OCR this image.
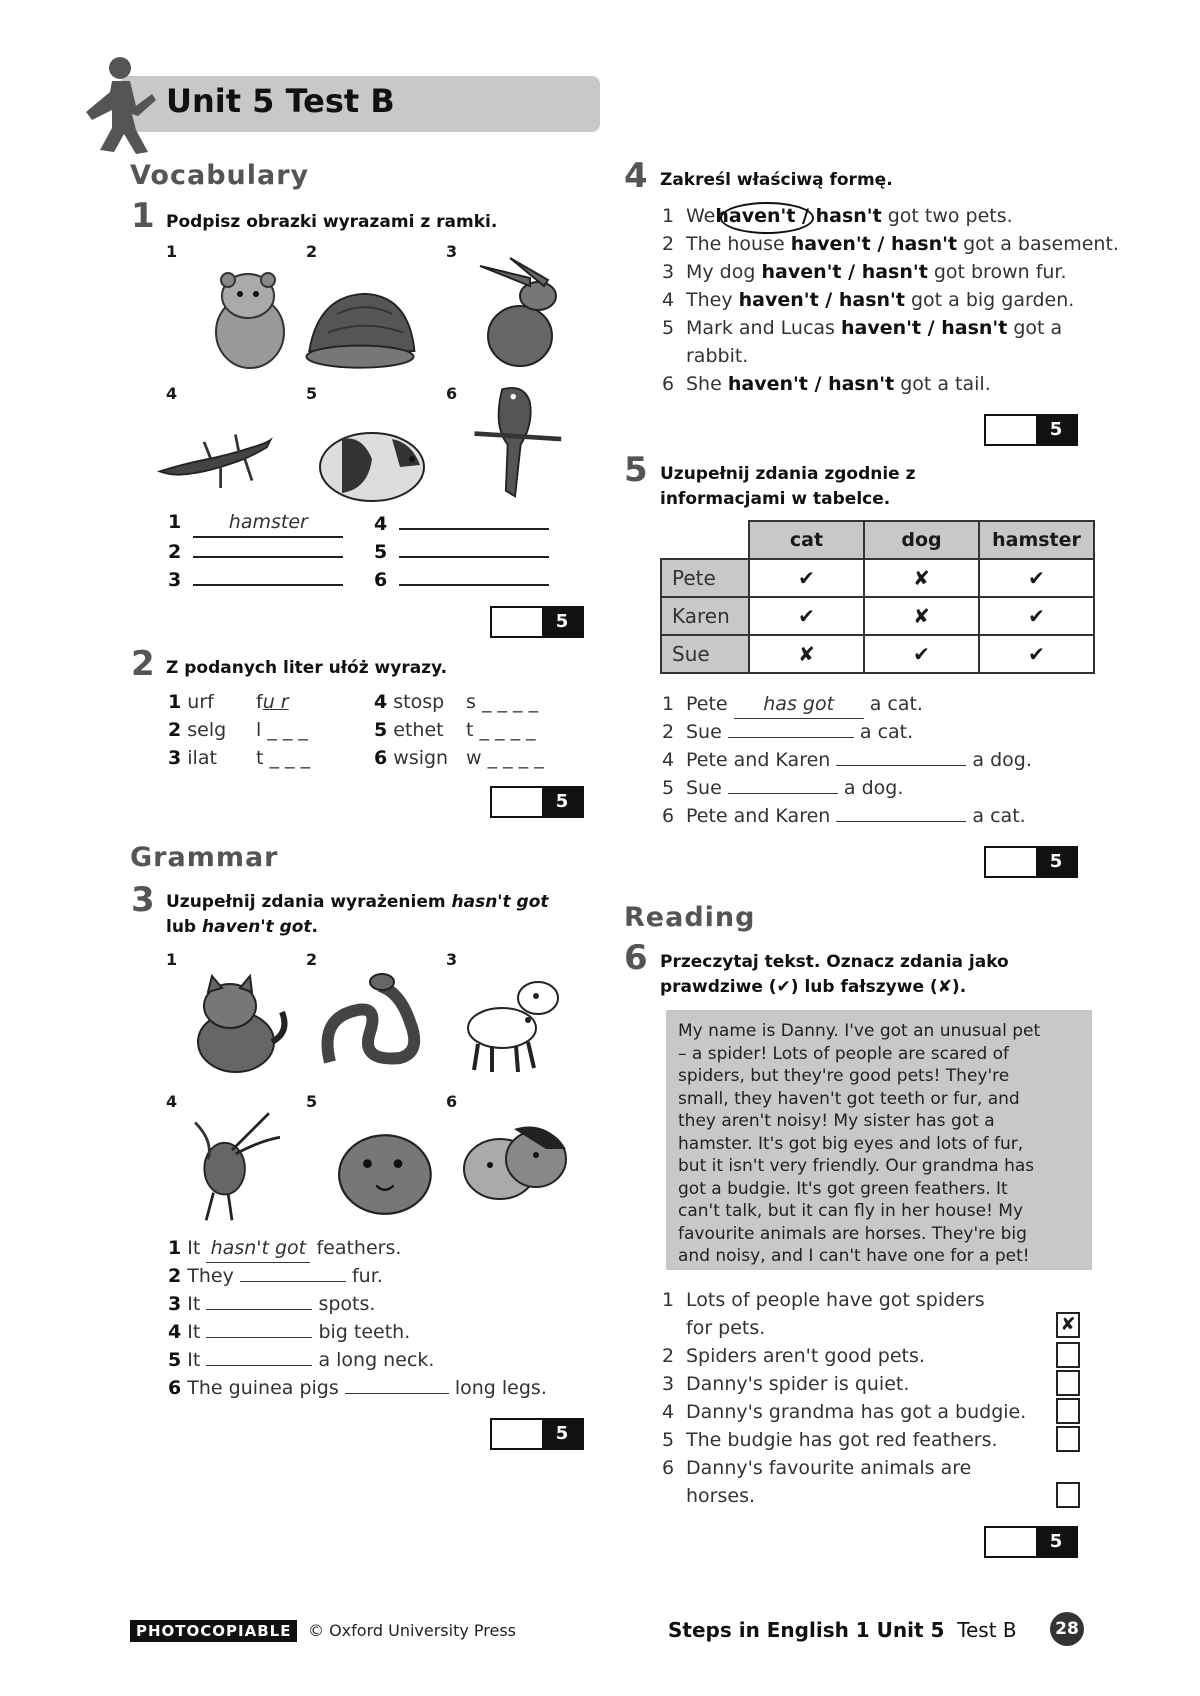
Unit 5 Test B
Vocabulary
1 Podpisz obrazki wyrazami z ramki.
1	2	3
4	5	6
1	hamster
2
3
4
5
6
5
2 Z podanych liter ułóż wyrazy.
1 urf fu r
2 selg l _ _ _
3 ilat t _ _ _
4 stosp s _ _ _ _
5 ethet t _ _ _ _
6 wsign w _ _ _ _
5
Grammar
3 Uzupełnij zdania wyrażeniem hasn't got
lub haven't got.
1	2	3
4	5	6
1 It hasn't got feathers.
2 They	fur.
3 It	spots.
4 It	big teeth.
5 It	a long neck.
6 The guinea pigs	long legs.
5
4 Zakreśl właściwą formę.
1 Wehaven't / hasn't got two pets.
2 The house haven't / hasn't got a basement.
3 My dog haven't / hasn't got brown fur.
4 They haven't / hasn't got a big garden.
5 Mark and Lucas haven't / hasn't got a
rabbit.
6 She haven't / hasn't got a tail.
5
5 Uzupełnij zdania zgodnie z
informacjami w tabelce.
	cat	dog	hamster
Pete	✔	✘	✔
Karen	✔	✘	✔
Sue	✘	✔	✔
1 Pete has got a cat.
2 Sue	a cat.
4 Pete and Karen	a dog.
5 Sue	a dog.
6 Pete and Karen	a cat.
5
Reading
6 Przeczytaj tekst. Oznacz zdania jako
prawdziwe (✔) lub fałszywe (✘).
My name is Danny. I've got an unusual pet
– a spider! Lots of people are scared of
spiders, but they're good pets! They're
small, they haven't got teeth or fur, and
they aren't noisy! My sister has got a
hamster. It's got big eyes and lots of fur,
but it isn't very friendly. Our grandma has
got a budgie. It's got green feathers. It
can't talk, but it can fly in her house! My
favourite animals are horses. They're big
and noisy, and I can't have one for a pet!
1 Lots of people have got spiders
for pets.	✘
2 Spiders aren't good pets.
3 Danny's spider is quiet.
4 Danny's grandma has got a budgie.
5 The budgie has got red feathers.
6 Danny's favourite animals are
horses.
5
PHOTOCOPIABLE	© Oxford University Press	Steps in English 1 Unit 5 Test B	28
